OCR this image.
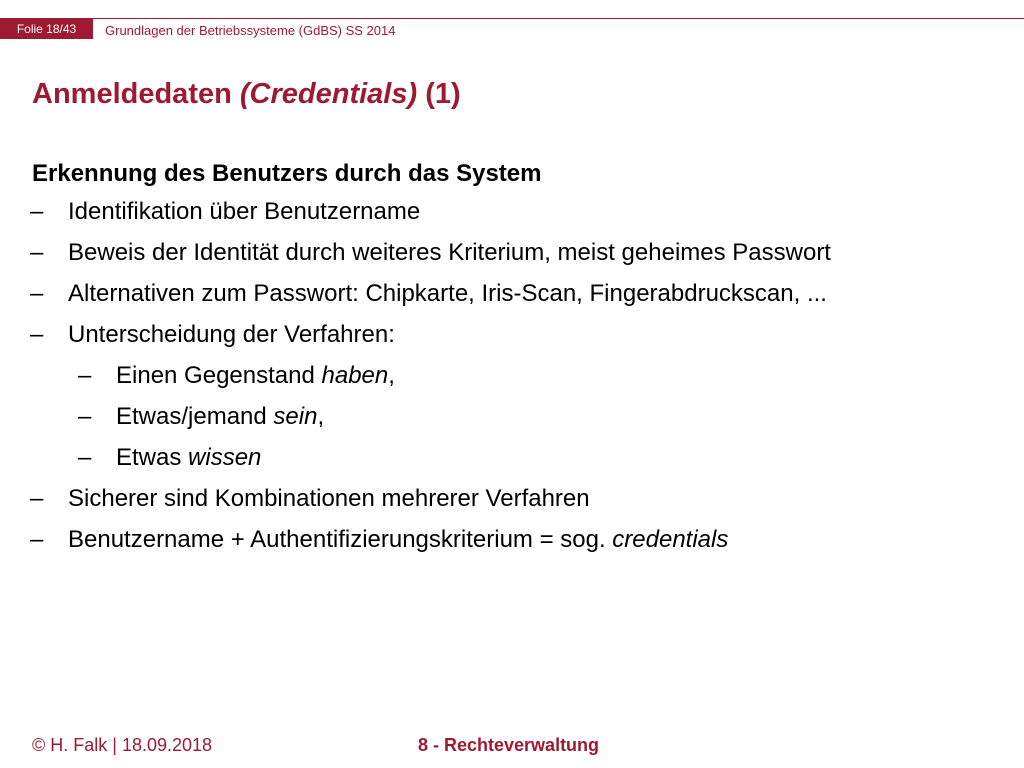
Folie 18/43	Grundlagen der Betriebssysteme (GdBS) SS 2014
Anmeldedaten (Credentials) (1)
Erkennung des Benutzers durch das System
–	Identifikation über Benutzername
–	Beweis der Identität durch weiteres Kriterium, meist geheimes Passwort
–	Alternativen zum Passwort: Chipkarte, Iris-Scan, Fingerabdruckscan, ...
–	Unterscheidung der Verfahren:
–	Einen Gegenstand haben,
–	Etwas/jemand sein,
–	Etwas wissen
–	Sicherer sind Kombinationen mehrerer Verfahren
–	Benutzername + Authentifizierungskriterium = sog. credentials
© H. Falk | 18.09.2018	8 - Rechteverwaltung
